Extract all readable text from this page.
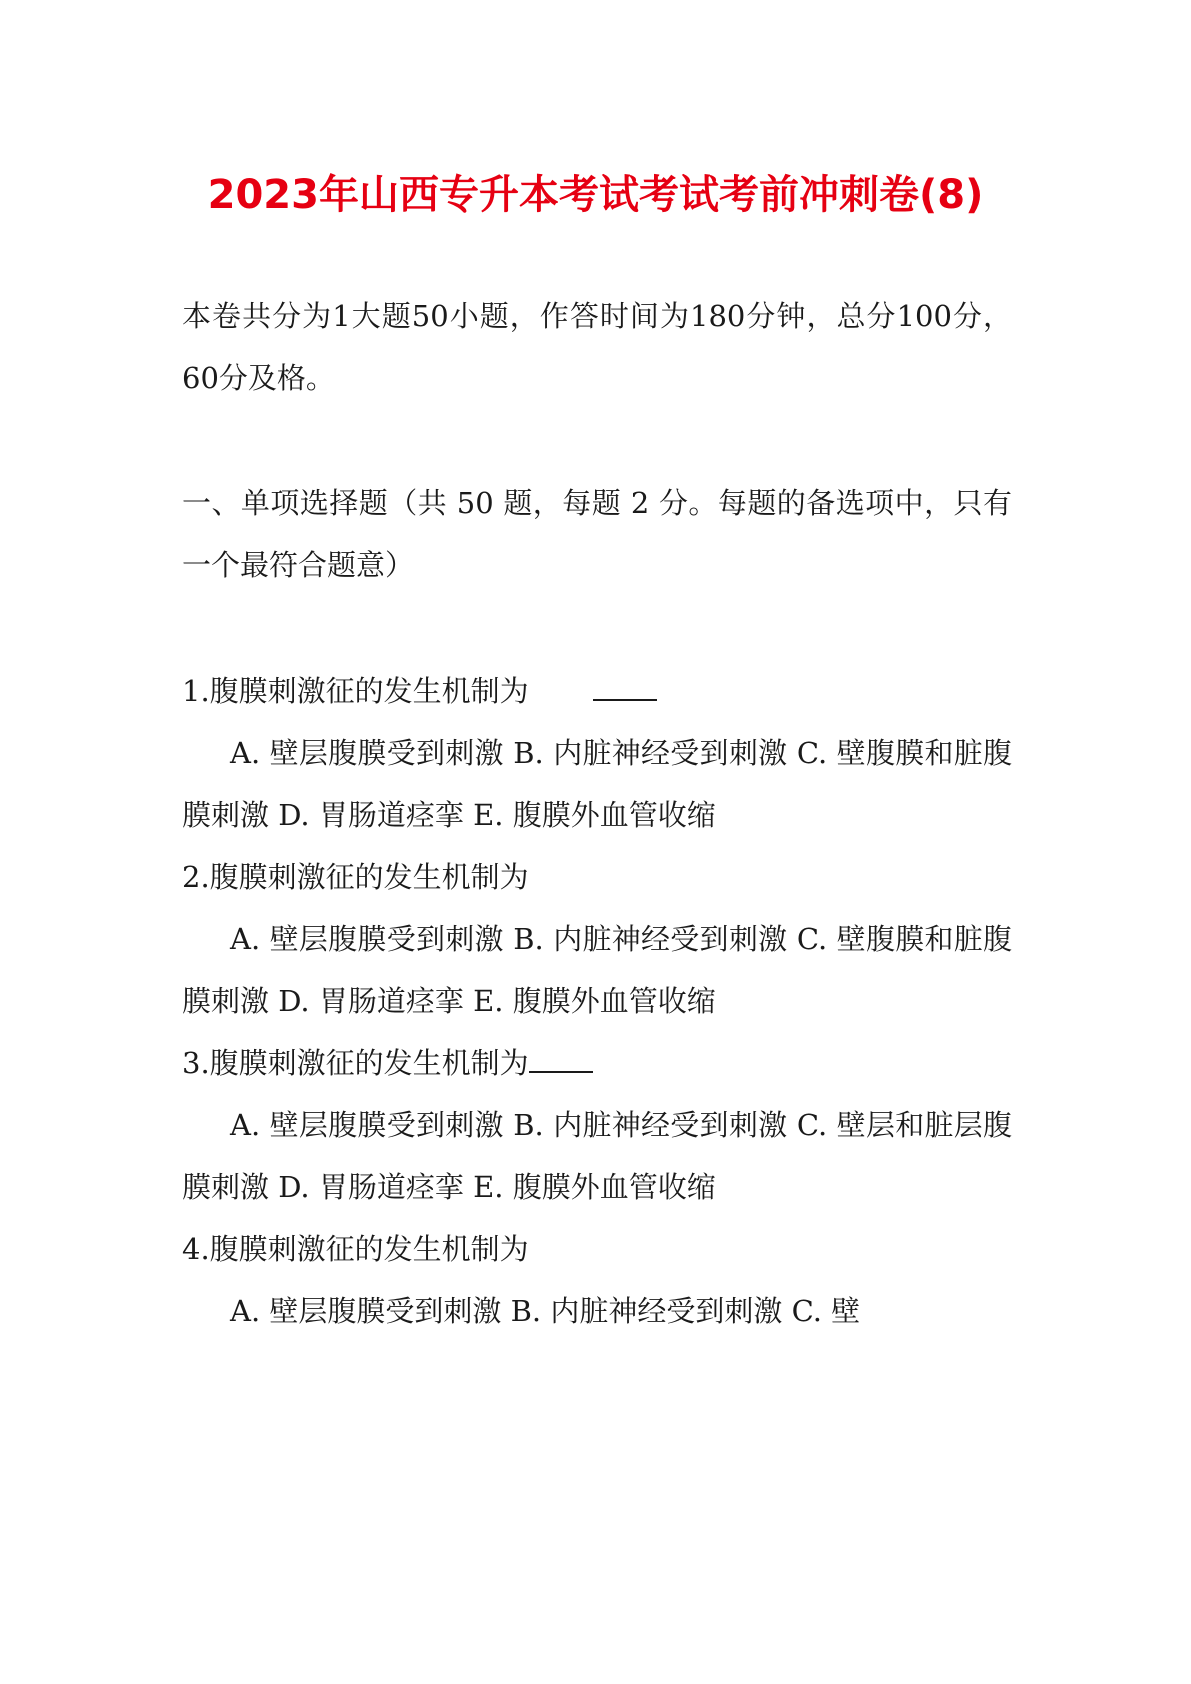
2023年山西专升本考试考试考前冲刺卷(8)
本卷共分为1大题50小题，作答时间为180分钟，总分100分，60分及格。
一、单项选择题（共 50 题，每题 2 分。每题的备选项中，只有一个最符合题意）

1.腹膜刺激征的发生机制为

A. 壁层腹膜受到刺激 B. 内脏神经受到刺激 C. 壁腹膜和脏腹膜刺激 D. 胃肠道痉挛 E. 腹膜外血管收缩

2.腹膜刺激征的发生机制为

A. 壁层腹膜受到刺激 B. 内脏神经受到刺激 C. 壁腹膜和脏腹膜刺激 D. 胃肠道痉挛 E. 腹膜外血管收缩

3.腹膜刺激征的发生机制为

A. 壁层腹膜受到刺激 B. 内脏神经受到刺激 C. 壁层和脏层腹膜刺激 D. 胃肠道痉挛 E. 腹膜外血管收缩

4.腹膜刺激征的发生机制为

A. 壁层腹膜受到刺激 B. 内脏神经受到刺激 C. 壁
